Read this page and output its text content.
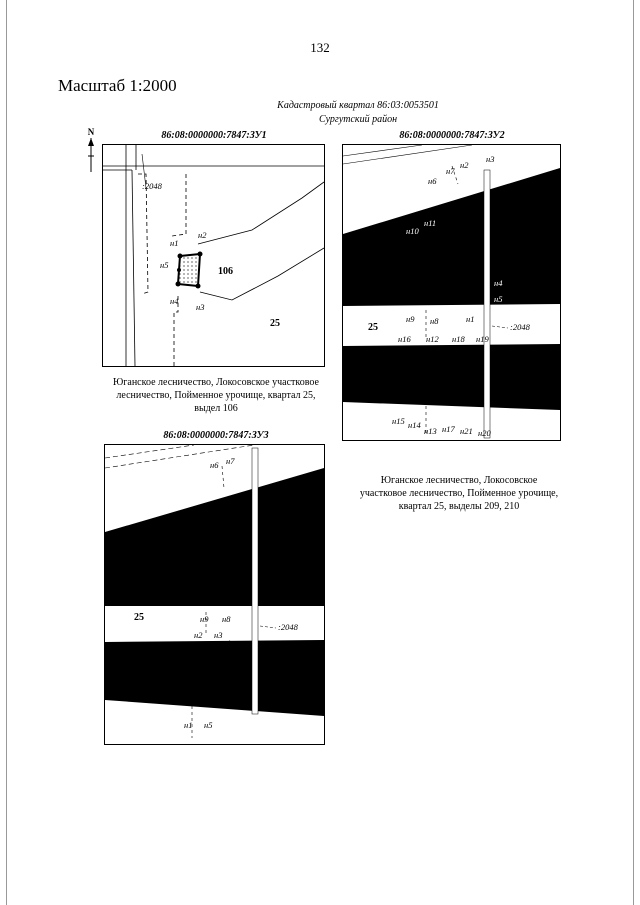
132
Масштаб 1:2000
Кадастровый квартал 86:03:0053501
Сургутский район
N	86:08:0000000:7847:ЗУ1
н1
н2
н5
н4
н3
:2048
106
25
Юганское лесничество, Локосовское участковое
лесничество, Пойменное урочище, квартал 25,
выдел 106
86:08:0000000:7847:ЗУ2
н6
н7
н2
н3
н10
н11
н4
н5
н9 н8	н1
:2048
25
н16 н12 н18 н19
н15 н14
н13 н17 н21 н20
Юганское лесничество, Локосовское
участковое лесничество, Пойменное урочище,
квартал 25, выделы 209, 210
86:08:0000000:7847:ЗУ3
н6 н7
25	н9 н8
:2048
н2 н3
н4
н1 н5
